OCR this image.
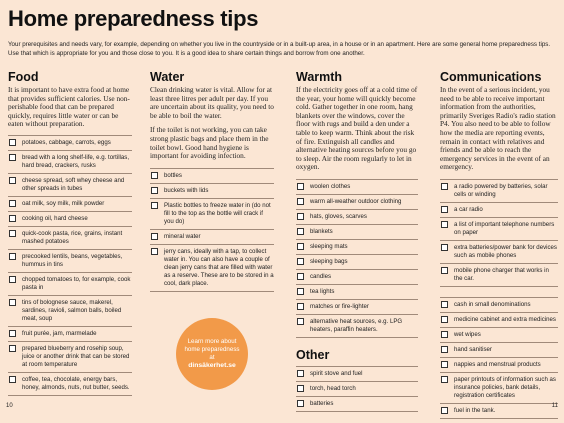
Home preparedness tips
Your prerequisites and needs vary, for example, depending on whether you live in the countryside or in a built-up area, in a house or in an apartment. Here are some general home preparedness tips. Use that which is appropriate for you and those close to you. It is a good idea to share certain things and borrow from one another.
Food

It is important to have extra food at home that provides sufficient calories. Use non-perishable food that can be prepared quickly, requires little water or can be eaten without preparation.

potatoes, cabbage, carrots, eggs
bread with a long shelf-life, e.g. tortillas, hard bread, crackers, rusks
cheese spread, soft whey cheese and other spreads in tubes
oat milk, soy milk, milk powder
cooking oil, hard cheese
quick-cook pasta, rice, grains, instant mashed potatoes
precooked lentils, beans, vegetables, hummus in tins
chopped tomatoes to, for example, cook pasta in
tins of bolognese sauce, makerel, sardines, ravioli, salmon balls, boiled meat, soup
fruit purée, jam, marmelade
prepared blueberry and rosehip soup, juice or another drink that can be stored at room temperature
coffee, tea, chocolate, energy bars, honey, almonds, nuts, nut butter, seeds.
Water

Clean drinking water is vital. Allow for at least three litres per adult per day. If you are uncertain about its quality, you need to be able to boil the water.

If the toilet is not working, you can take strong plastic bags and place them in the toilet bowl. Good hand hygiene is important for avoiding infection.

bottles
buckets with lids
Plastic bottles to freeze water in (do not fill to the top as the bottle will crack if you do)
mineral water
jerry cans, ideally with a tap, to collect water in. You can also have a couple of clean jerry cans that are filled with water as a reserve. These are to be stored in a cool, dark place.
Learn more about
home preparedness
at
dinsäkerhet.se
Warmth

If the electricity goes off at a cold time of the year, your home will quickly become cold. Gather together in one room, hang blankets over the windows, cover the floor with rugs and build a den under a table to keep warm. Think about the risk of fire. Extinguish all candles and alternative heating sources before you go to sleep. Air the room regularly to let in oxygen.

woolen clothes
warm all-weather outdoor clothing
hats, gloves, scarves
blankets
sleeping mats
sleeping bags
candles
tea lights
matches or fire-lighter
alternative heat sources, e.g. LPG heaters, paraffin heaters.
Other
spirit stove and fuel
torch, head torch
batteries
Communications

In the event of a serious incident, you need to be able to receive important information from the authorities, primarily Sveriges Radio's radio station P4. You also need to be able to follow how the media are reporting events, remain in contact with relatives and friends and be able to reach the emergency services in the event of an emergency.

a radio powered by batteries, solar cells or winding
a car radio
a list of important telephone numbers on paper
extra batteries/power bank for devices such as mobile phones
mobile phone charger that works in the car.
cash in small denominations
medicine cabinet and extra medicines
wet wipes
hand sanitiser
nappies and menstrual products
paper printouts of information such as insurance policies, bank details, registration certificates
fuel in the tank.
10	11
